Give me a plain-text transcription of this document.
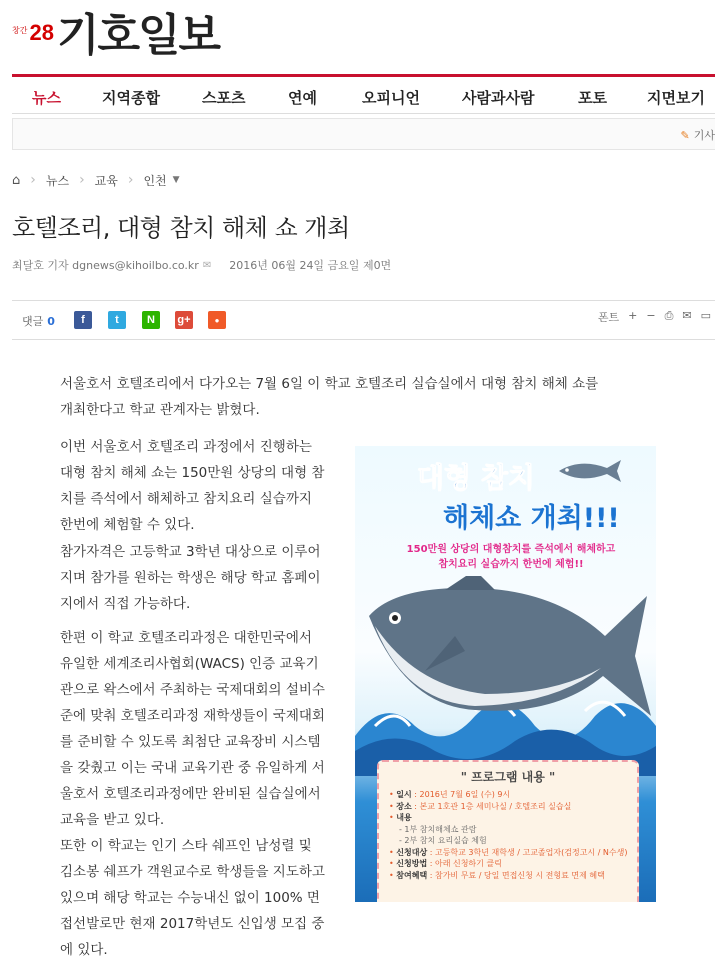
창간 28 기호일보
뉴스	지역종합	스포츠	연예	오피니언	사람과사람	포토	지면보기
✎ 기사
⌂ › 뉴스 › 교육 › 인천 ▼
호텔조리, 대형 참치 해체 쇼 개최
최달호 기자
dgnews@kihoilbo.co.kr ✉ 2016년 06월 24일 금요일
제0면
댓글 0	f	t	N	g+	●	폰트 + − ⎙ ✉ ▭
서울호서 호텔조리에서 다가오는 7월 6일 이 학교 호텔조리 실습실에서 대형 참치 해체 쇼를
개최한다고 학교 관계자는 밝혔다.
이번 서울호서 호텔조리 과정에서 진행하는
대형 참치 해체 쇼는 150만원 상당의 대형 참
치를 즉석에서 해체하고 참치요리 실습까지
한번에 체험할 수 있다.
참가자격은 고등학교 3학년 대상으로 이루어
지며 참가를 원하는 학생은 해당 학교 홈페이
지에서 직접 가능하다.
한편 이 학교 호텔조리과정은 대한민국에서
유일한 세계조리사협회(WACS) 인증 교육기
관으로 왁스에서 주최하는 국제대회의 설비수
준에 맞춰 호텔조리과정 재학생들이 국제대회
를 준비할 수 있도록 최첨단 교육장비 시스템
을 갖췄고 이는 국내 교육기관 중 유일하게 서
울호서 호텔조리과정에만 완비된 실습실에서
교육을 받고 있다.
또한 이 학교는 인기 스타 쉐프인 남성렬 및
김소봉 쉐프가 객원교수로 학생들을 지도하고
있으며 해당 학교는 수능내신 없이 100% 면
접선발로만 현재 2017학년도 신입생 모집 중
에 있다.
대형 참치
해체쇼 개최!!!
150만원 상당의 대형참치를 즉석에서 해체하고
참치요리 실습까지 한번에 체험!!
" 프로그램 내용 "
• 일시 : 2016년 7월 6일 (수) 9시
• 장소 : 본교 1호관 1층 세미나실 / 호텔조리 실습실
• 내용
- 1부 참치해체쇼 관람
- 2부 참치 요리실습 체험
• 신청대상 : 고등학교 3학년 재학생 / 고교졸업자(검정고시 / N수생)
• 신청방법 : 아래 신청하기 클릭
• 참여혜택 : 참가비 무료 / 당일 면접신청 시 전형료 면제 혜택
